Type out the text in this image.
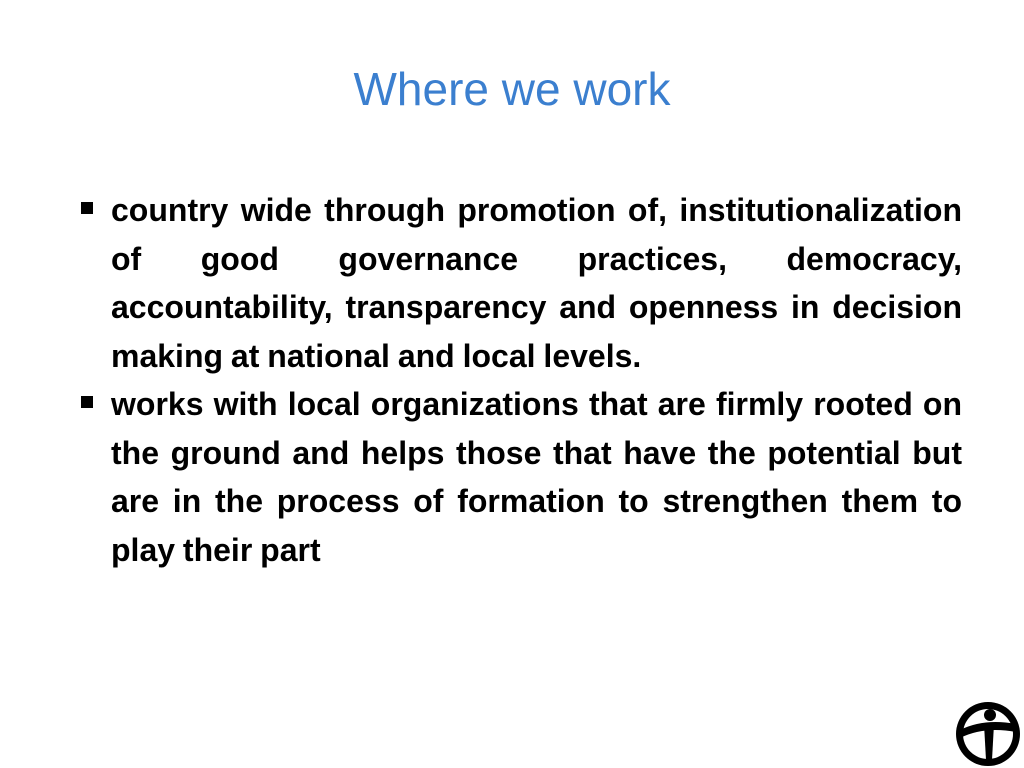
Where we work
country wide through promotion of, institutionalization of good governance practices, democracy, accountability, transparency and openness in decision making at national and local levels.
works with local organizations that are firmly rooted on the ground and helps those that have the potential but are in the process of formation to strengthen them to play their part
